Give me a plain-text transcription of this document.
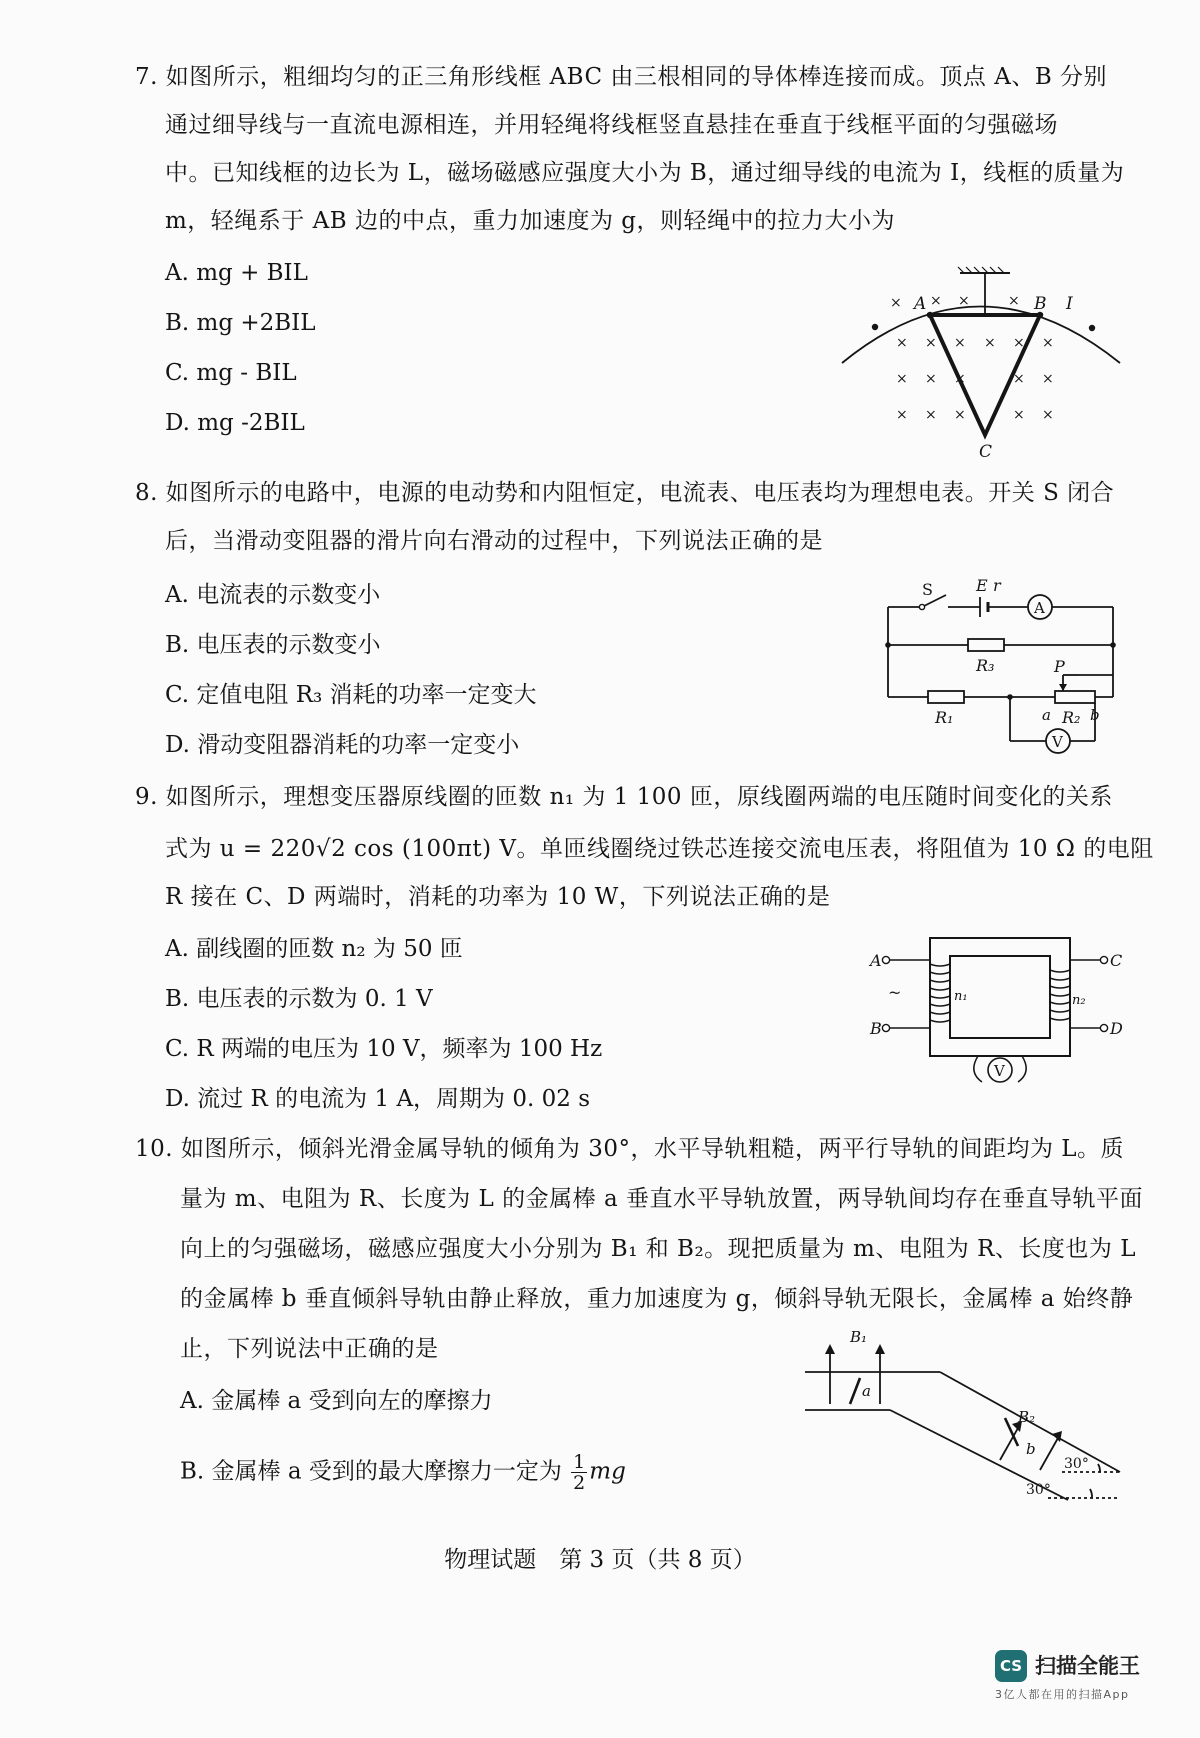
7. 如图所示，粗细均匀的正三角形线框 ABC 由三根相同的导体棒连接而成。顶点 A、B 分别
通过细导线与一直流电源相连，并用轻绳将线框竖直悬挂在垂直于线框平面的匀强磁场
中。已知线框的边长为 L，磁场磁感应强度大小为 B，通过细导线的电流为 I，线框的质量为
m，轻绳系于 AB 边的中点，重力加速度为 g，则轻绳中的拉力大小为
A. mg + BIL
B. mg +2BIL
C. mg - BIL
D. mg -2BIL
× × ×	×
× × × × × ×
× × ×	× ×
× × ×	× ×
A	B
C
I
8. 如图所示的电路中，电源的电动势和内阻恒定，电流表、电压表均为理想电表。开关 S 闭合
后，当滑动变阻器的滑片向右滑动的过程中，下列说法正确的是
A. 电流表的示数变小
B. 电压表的示数变小
C. 定值电阻 R₃ 消耗的功率一定变大
D. 滑动变阻器消耗的功率一定变小
S	E r
A
R₃	P
R₁	a R₂ b
V
9. 如图所示，理想变压器原线圈的匝数 n₁ 为 1 100 匝，原线圈两端的电压随时间变化的关系
式为 u = 220√2 cos (100πt) V。单匝线圈绕过铁芯连接交流电压表，将阻值为 10 Ω 的电阻
R 接在 C、D 两端时，消耗的功率为 10 W，下列说法正确的是
A. 副线圈的匝数 n₂ 为 50 匝
B. 电压表的示数为 0. 1 V
C. R 两端的电压为 10 V，频率为 100 Hz
D. 流过 R 的电流为 1 A，周期为 0. 02 s
A
B
C
D
~	n₁	n₂
V
10. 如图所示，倾斜光滑金属导轨的倾角为 30°，水平导轨粗糙，两平行导轨的间距均为 L。质
量为 m、电阻为 R、长度为 L 的金属棒 a 垂直水平导轨放置，两导轨间均存在垂直导轨平面
向上的匀强磁场，磁感应强度大小分别为 B₁ 和 B₂。现把质量为 m、电阻为 R、长度也为 L
的金属棒 b 垂直倾斜导轨由静止释放，重力加速度为 g，倾斜导轨无限长，金属棒 a 始终静
止，下列说法中正确的是
A. 金属棒 a 受到向左的摩擦力
B. 金属棒 a 受到的最大摩擦力一定为 $\frac{1}{2}$ mg
B₁
a
B₂
b
30°
30°
物理试题　第 3 页（共 8 页）
CS 扫描全能王
3亿人都在用的扫描App
